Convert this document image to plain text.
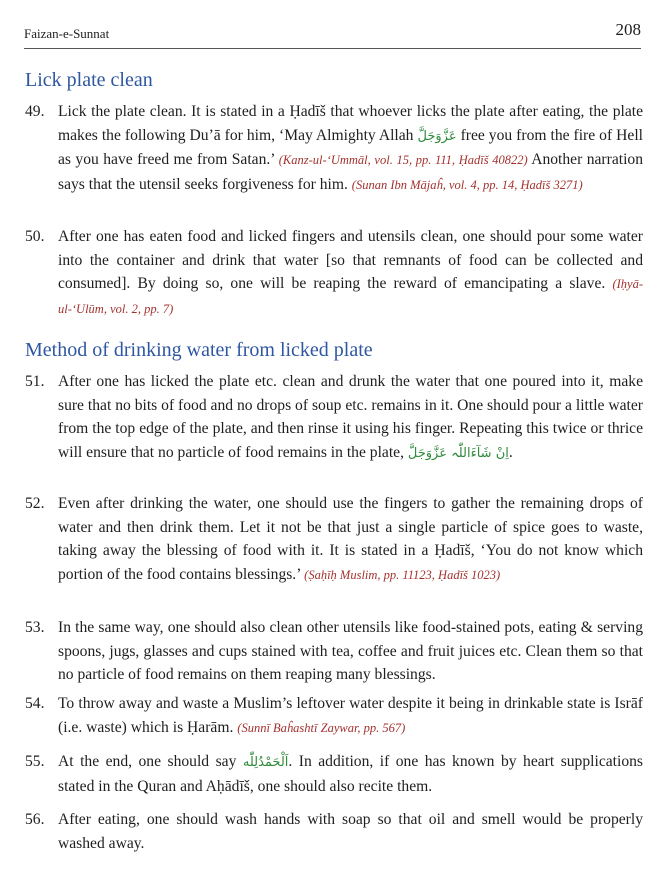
Faizan-e-Sunnat	208
Lick plate clean
49. Lick the plate clean. It is stated in a Ḥadīš that whoever licks the plate after eating, the plate makes the following Du’ā for him, ‘May Almighty Allah عَزَّوَجَلَّ free you from the fire of Hell as you have freed me from Satan.’ (Kanz-ul-‘Ummāl, vol. 15, pp. 111, Ḥadīš 40822) Another narration says that the utensil seeks forgiveness for him. (Sunan Ibn Mājaĥ, vol. 4, pp. 14, Ḥadīš 3271)
50. After one has eaten food and licked fingers and utensils clean, one should pour some water into the container and drink that water [so that remnants of food can be collected and consumed]. By doing so, one will be reaping the reward of emancipating a slave. (Iḥyā-ul-‘Ulūm, vol. 2, pp. 7)
Method of drinking water from licked plate
51. After one has licked the plate etc. clean and drunk the water that one poured into it, make sure that no bits of food and no drops of soup etc. remains in it. One should pour a little water from the top edge of the plate, and then rinse it using his finger. Repeating this twice or thrice will ensure that no particle of food remains in the plate, اِنْ شَآءَاللّٰہ عَزَّوَجَلَّ.
52. Even after drinking the water, one should use the fingers to gather the remaining drops of water and then drink them. Let it not be that just a single particle of spice goes to waste, taking away the blessing of food with it. It is stated in a Ḥadīš, ‘You do not know which portion of the food contains blessings.’ (Ṣaḥīḥ Muslim, pp. 11123, Ḥadīš 1023)
53. In the same way, one should also clean other utensils like food-stained pots, eating & serving spoons, jugs, glasses and cups stained with tea, coffee and fruit juices etc. Clean them so that no particle of food remains on them reaping many blessings.
54. To throw away and waste a Muslim’s leftover water despite it being in drinkable state is Isrāf (i.e. waste) which is Ḥarām. (Sunnī Baĥashtī Zaywar, pp. 567)
55. At the end, one should say اَلْحَمْدُلِلّٰه. In addition, if one has known by heart supplications stated in the Quran and Aḥādīš, one should also recite them.
56. After eating, one should wash hands with soap so that oil and smell would be properly washed away.
